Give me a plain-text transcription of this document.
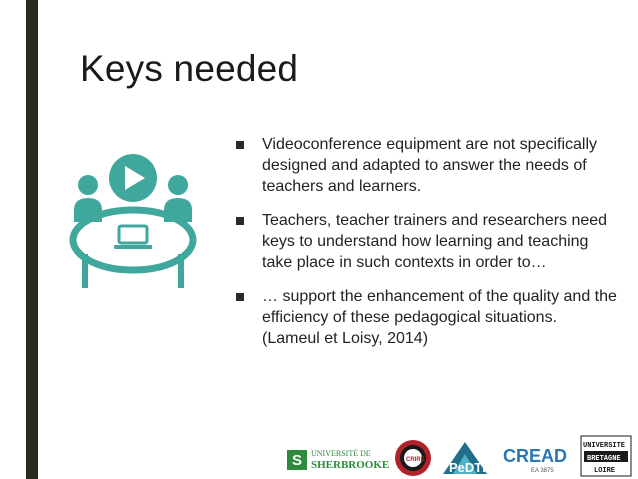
Keys needed
Videoconference equipment are not specifically designed and adapted to answer the needs of teachers and learners.
Teachers, teacher trainers and researchers need keys to understand how learning and teaching take place in such contexts in order to…
… support the enhancement of the quality and the efficiency of these pedagogical situations.
(Lameul et Loisy, 2014)
S UNIVERSITÉ DE
SHERBROOKE	CRIRE PeDTICE
CREAD
EA 3875
UNIVERSITE
BRETAGNE
LOIRE
